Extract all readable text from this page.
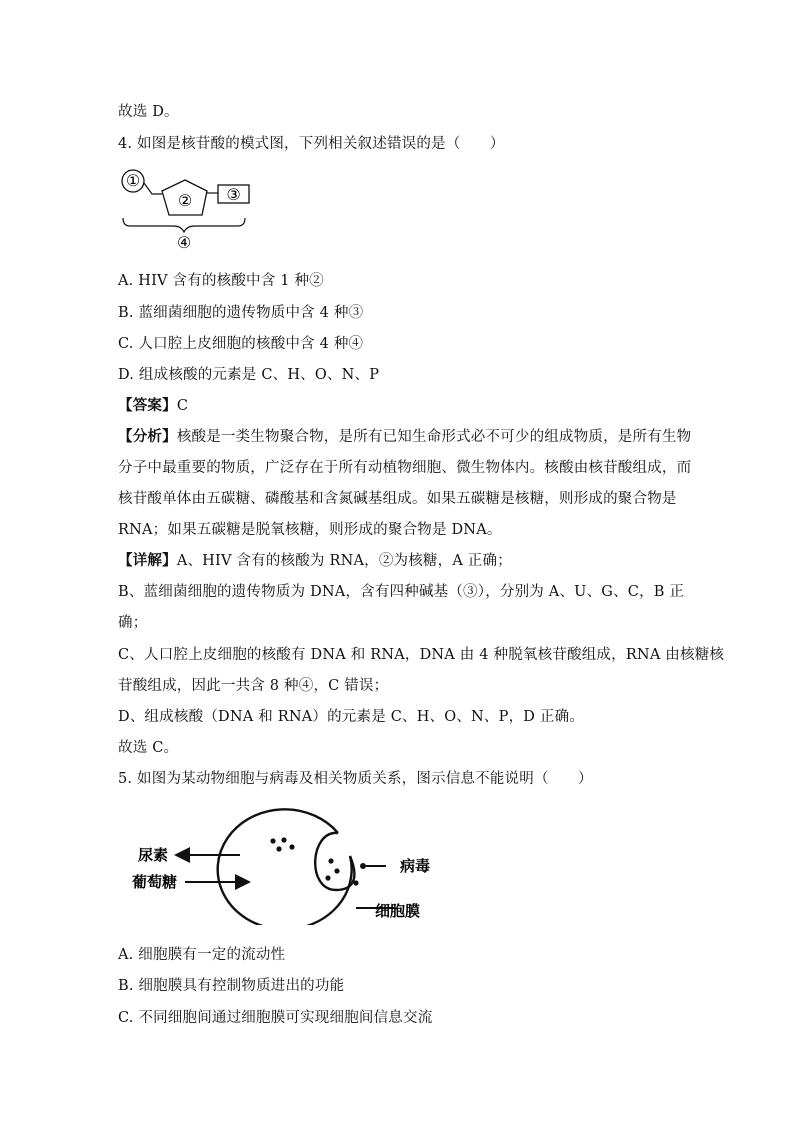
故选 D。
4. 如图是核苷酸的模式图，下列相关叙述错误的是（　　）
①
② ③
④
A. HIV 含有的核酸中含 1 种②
B. 蓝细菌细胞的遗传物质中含 4 种③
C. 人口腔上皮细胞的核酸中含 4 种④
D. 组成核酸的元素是 C、H、O、N、P
【答案】C
【分析】核酸是一类生物聚合物，是所有已知生命形式必不可少的组成物质，是所有生物
分子中最重要的物质，广泛存在于所有动植物细胞、微生物体内。核酸由核苷酸组成，而
核苷酸单体由五碳糖、磷酸基和含氮碱基组成。如果五碳糖是核糖，则形成的聚合物是
RNA；如果五碳糖是脱氧核糖，则形成的聚合物是 DNA。
【详解】A、HIV 含有的核酸为 RNA，②为核糖，A 正确；
B、蓝细菌细胞的遗传物质为 DNA，含有四种碱基（③），分别为 A、U、G、C，B 正
确；
C、人口腔上皮细胞的核酸有 DNA 和 RNA，DNA 由 4 种脱氧核苷酸组成，RNA 由核糖核
苷酸组成，因此一共含 8 种④，C 错误；
D、组成核酸（DNA 和 RNA）的元素是 C、H、O、N、P，D 正确。
故选 C。
5. 如图为某动物细胞与病毒及相关物质关系，图示信息不能说明（　　）
尿素
葡萄糖
病毒
细胞膜
A. 细胞膜有一定的流动性
B. 细胞膜具有控制物质进出的功能
C. 不同细胞间通过细胞膜可实现细胞间信息交流
